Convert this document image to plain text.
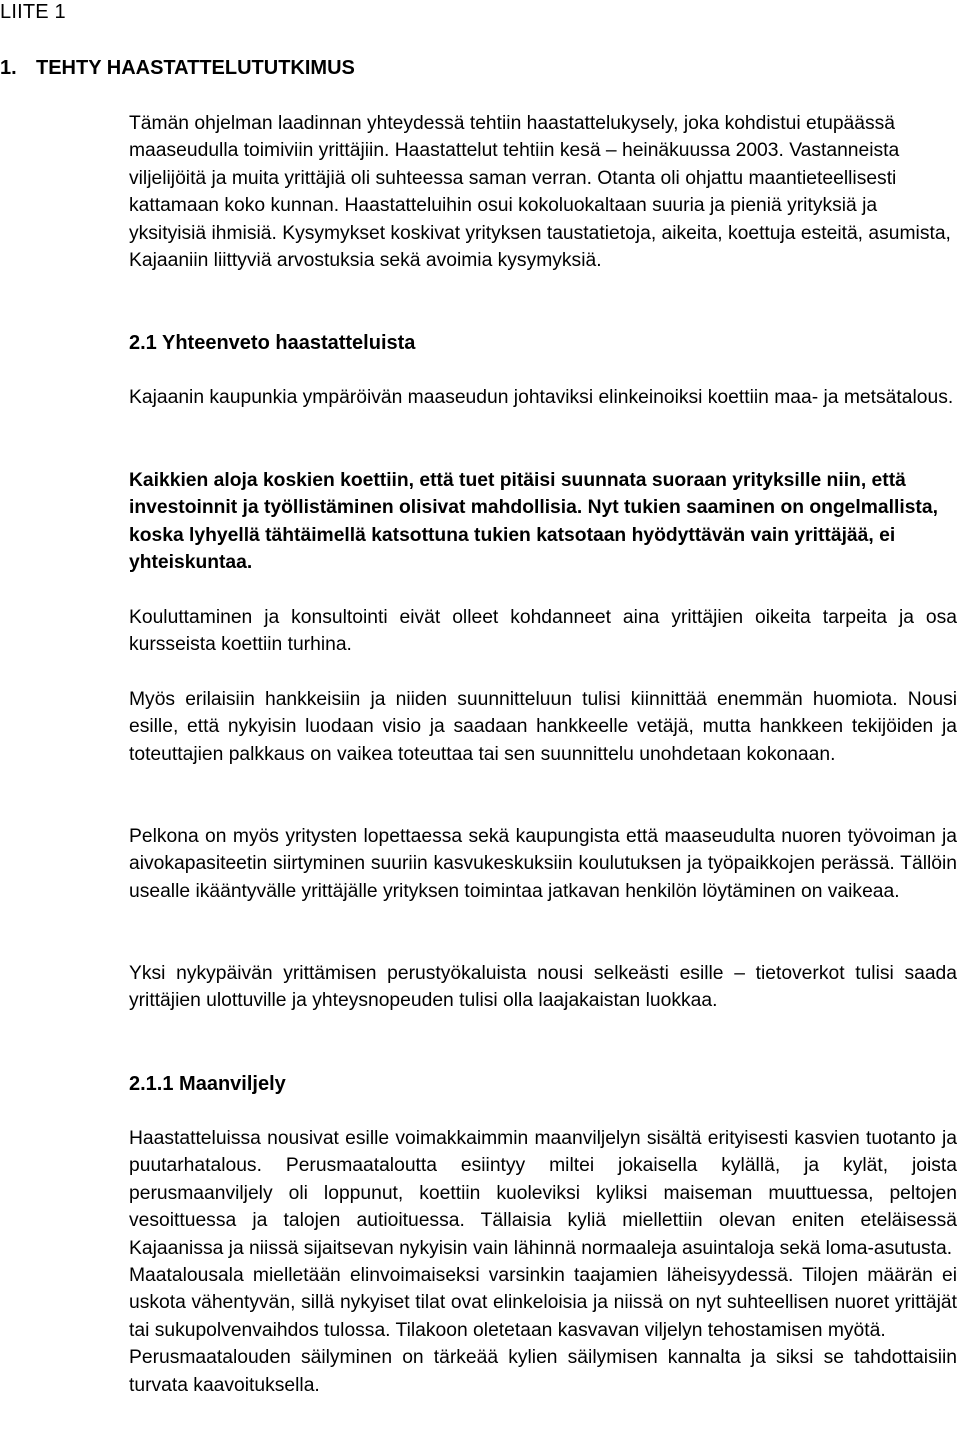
LIITE 1
1. TEHTY HAASTATTELUTUTKIMUS

Tämän ohjelman laadinnan yhteydessä tehtiin haastattelukysely, joka kohdistui etupäässä maaseudulla toimiviin yrittäjiin. Haastattelut tehtiin kesä – heinäkuussa 2003. Vastanneista viljelijöitä ja muita yrittäjiä oli suhteessa saman verran. Otanta oli ohjattu maantieteellisesti kattamaan koko kunnan. Haastatteluihin osui kokoluokaltaan suuria ja pieniä yrityksiä ja yksityisiä ihmisiä. Kysymykset koskivat yrityksen taustatietoja, aikeita, koettuja esteitä, asumista, Kajaaniin liittyviä arvostuksia sekä avoimia kysymyksiä.

2.1 Yhteenveto haastatteluista

Kajaanin kaupunkia ympäröivän maaseudun johtaviksi elinkeinoiksi koettiin maa- ja metsätalous.

Kaikkien aloja koskien koettiin, että tuet pitäisi suunnata suoraan yrityksille niin, että investoinnit ja työllistäminen olisivat mahdollisia. Nyt tukien saaminen on ongelmallista, koska lyhyellä tähtäimellä katsottuna tukien katsotaan hyödyttävän vain yrittäjää, ei yhteiskuntaa.

Kouluttaminen ja konsultointi eivät olleet kohdanneet aina yrittäjien oikeita tarpeita ja osa kursseista koettiin turhina.

Myös erilaisiin hankkeisiin ja niiden suunnitteluun tulisi kiinnittää enemmän huomiota. Nousi esille, että nykyisin luodaan visio ja saadaan hankkeelle vetäjä, mutta hankkeen tekijöiden ja toteuttajien palkkaus on vaikea toteuttaa tai sen suunnittelu unohdetaan kokonaan.

Pelkona on myös yritysten lopettaessa sekä kaupungista että maaseudulta nuoren työvoiman ja aivokapasiteetin siirtyminen suuriin kasvukeskuksiin koulutuksen ja työpaikkojen perässä. Tällöin usealle ikääntyvälle yrittäjälle yrityksen toimintaa jatkavan henkilön löytäminen on vaikeaa.

Yksi nykypäivän yrittämisen perustyökaluista nousi selkeästi esille – tietoverkot tulisi saada yrittäjien ulottuville ja yhteysnopeuden tulisi olla laajakaistan luokkaa.

2.1.1 Maanviljely

Haastatteluissa nousivat esille voimakkaimmin maanviljelyn sisältä erityisesti kasvien tuotanto ja puutarhatalous. Perusmaataloutta esiintyy miltei jokaisella kylällä, ja kylät, joista perusmaanviljely oli loppunut, koettiin kuoleviksi kyliksi maiseman muuttuessa, peltojen vesoittuessa ja talojen autioituessa. Tällaisia kyliä miellettiin olevan eniten eteläisessä Kajaanissa ja niissä sijaitsevan nykyisin vain lähinnä normaaleja asuintaloja sekä loma-asutusta.

Maatalousala mielletään elinvoimaiseksi varsinkin taajamien läheisyydessä. Tilojen määrän ei uskota vähentyvän, sillä nykyiset tilat ovat elinkeloisia ja niissä on nyt suhteellisen nuoret yrittäjät tai sukupolvenvaihdos tulossa. Tilakoon oletetaan kasvavan viljelyn tehostamisen myötä.

Perusmaatalouden säilyminen on tärkeää kylien säilymisen kannalta ja siksi se tahdottaisiin turvata kaavoituksella.
